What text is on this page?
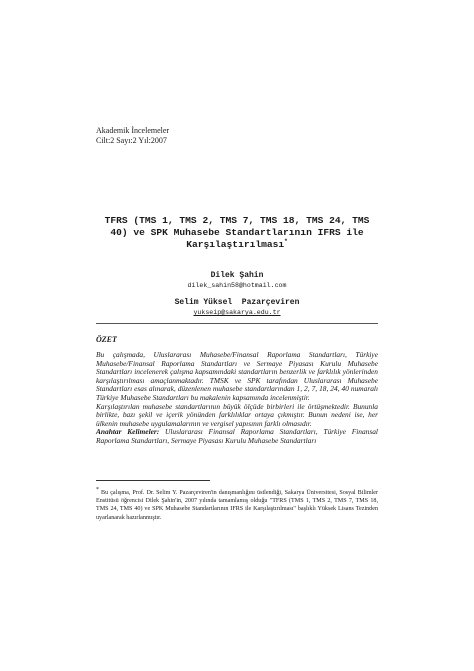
Akademik İncelemeler
Cilt:2 Sayı:2 Yıl:2007
TFRS (TMS 1, TMS 2, TMS 7, TMS 18, TMS 24, TMS 40) ve SPK Muhasebe Standartlarının IFRS ile Karşılaştırılması*
Dilek Şahin
dilek_sahin58@hotmail.com
Selim Yüksel  Pazarçeviren
yukseip@sakarya.edu.tr
ÖZET

Bu çalışmada, Uluslararası Muhasebe/Finansal Raporlama Standartları, Türkiye Muhasebe/Finansal Raporlama Standartları ve Sermaye Piyasası Kurulu Muhasebe Standartları incelenerek çalışma kapsamındaki standartların benzerlik ve farklılık yönlerinden karşılaştırılması amaçlanmaktadır. TMSK ve SPK tarafından Uluslararası Muhasebe Standartları esas alınarak, düzenlenen muhasebe standartlarından 1, 2, 7, 18, 24, 40 numaralı Türkiye Muhasebe Standartları bu makalenin kapsamında incelenmiştir.

Karşılaştırılan muhasebe standartlarının büyük ölçüde birbirleri ile örtüşmektedir. Bununla birlikte, bazı şekil ve içerik yönünden farklılıklar ortaya çıkmıştır. Bunun nedeni ise, her ülkenin muhasebe uygulamalarının ve vergisel yapısının farklı olmasıdır.

Anahtar Kelimeler: Uluslararası Finansal Raporlama Standartları, Türkiye Finansal Raporlama Standartları, Sermaye Piyasası Kurulu Muhasebe Standartları
* Bu çalışma, Prof. Dr. Selim Y. Pazarçeviren'in danışmanlığını üstlendiği, Sakarya Üniversitesi, Sosyal Bilimler Enstitüsü öğrencisi Dilek Şahin'in, 2007 yılında tamamlamış olduğu "TFRS (TMS 1, TMS 2, TMS 7, TMS 18, TMS 24, TMS 40) ve SPK Muhasebe Standartlarının IFRS ile Karşılaştırılması" başlıklı Yüksek Lisans Tezinden uyarlanarak hazırlanmıştır.
